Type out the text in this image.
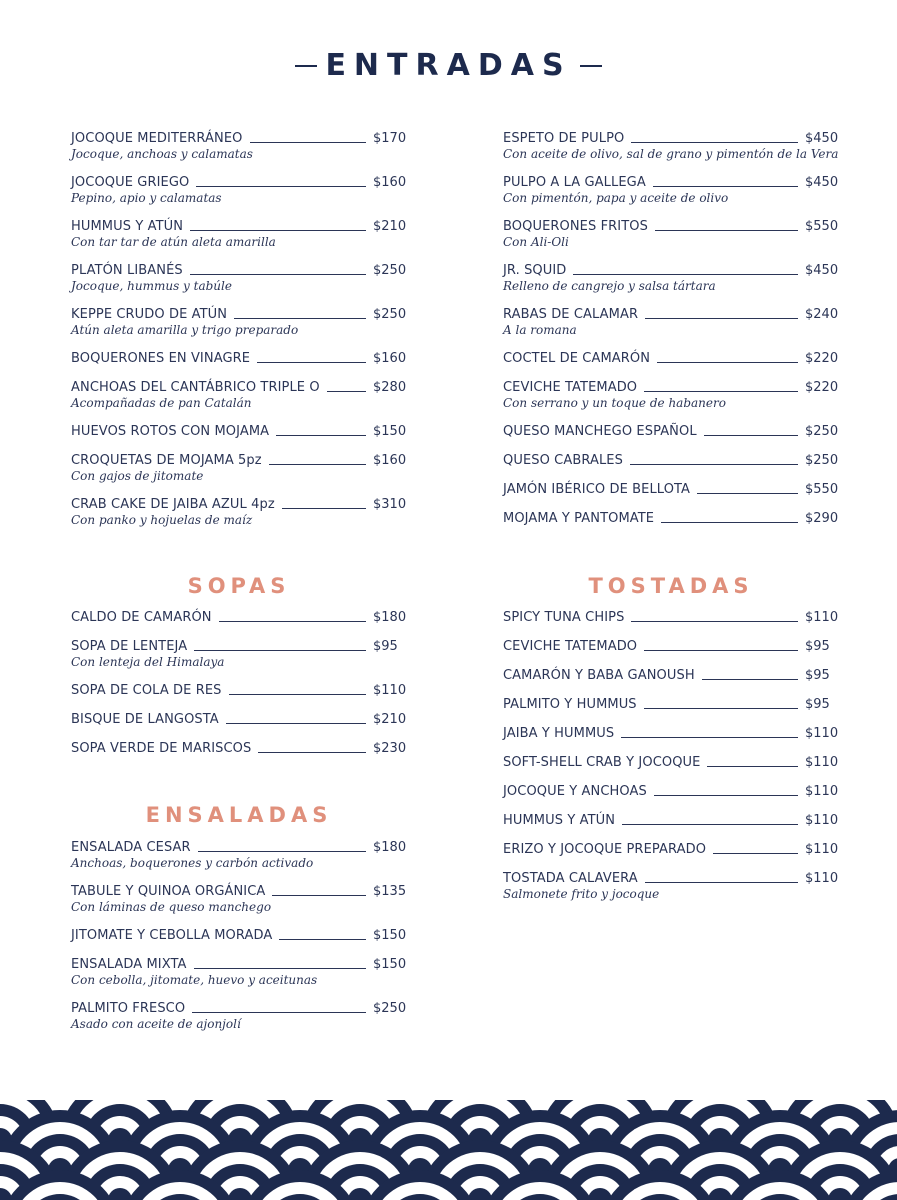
ENTRADAS
JOCOQUE MEDITERRÁNEO	$170
Jocoque, anchoas y calamatas
JOCOQUE GRIEGO	$160
Pepino, apio y calamatas
HUMMUS Y ATÚN	$210
Con tar tar de atún aleta amarilla
PLATÓN LIBANÉS	$250
Jocoque, hummus y tabúle
KEPPE CRUDO DE ATÚN	$250
Atún aleta amarilla y trigo preparado
BOQUERONES EN VINAGRE	$160
ANCHOAS DEL CANTÁBRICO TRIPLE O	$280
Acompañadas de pan Catalán
HUEVOS ROTOS CON MOJAMA	$150
CROQUETAS DE MOJAMA 5pz	$160
Con gajos de jitomate
CRAB CAKE DE JAIBA AZUL 4pz	$310
Con panko y hojuelas de maíz
ESPETO DE PULPO	$450
Con aceite de olivo, sal de grano y pimentón de la Vera
PULPO A LA GALLEGA	$450
Con pimentón, papa y aceite de olivo
BOQUERONES FRITOS	$550
Con Ali-Oli
JR. SQUID	$450
Relleno de cangrejo y salsa tártara
RABAS DE CALAMAR	$240
A la romana
COCTEL DE CAMARÓN	$220
CEVICHE TATEMADO	$220
Con serrano y un toque de habanero
QUESO MANCHEGO ESPAÑOL	$250
QUESO CABRALES	$250
JAMÓN IBÉRICO DE BELLOTA	$550
MOJAMA Y PANTOMATE	$290
SOPAS
CALDO DE CAMARÓN	$180
SOPA DE LENTEJA	$95
Con lenteja del Himalaya
SOPA DE COLA DE RES	$110
BISQUE DE LANGOSTA	$210
SOPA VERDE DE MARISCOS	$230
ENSALADAS
ENSALADA CESAR	$180
Anchoas, boquerones y carbón activado
TABULE Y QUINOA ORGÁNICA	$135
Con láminas de queso manchego
JITOMATE Y CEBOLLA MORADA	$150
ENSALADA MIXTA	$150
Con cebolla, jitomate, huevo y aceitunas
PALMITO FRESCO	$250
Asado con aceite de ajonjolí
TOSTADAS
SPICY TUNA CHIPS	$110
CEVICHE TATEMADO	$95
CAMARÓN Y BABA GANOUSH	$95
PALMITO Y HUMMUS	$95
JAIBA Y HUMMUS	$110
SOFT-SHELL CRAB Y JOCOQUE	$110
JOCOQUE Y ANCHOAS	$110
HUMMUS Y ATÚN	$110
ERIZO Y JOCOQUE PREPARADO	$110
TOSTADA CALAVERA	$110
Salmonete frito y jocoque
